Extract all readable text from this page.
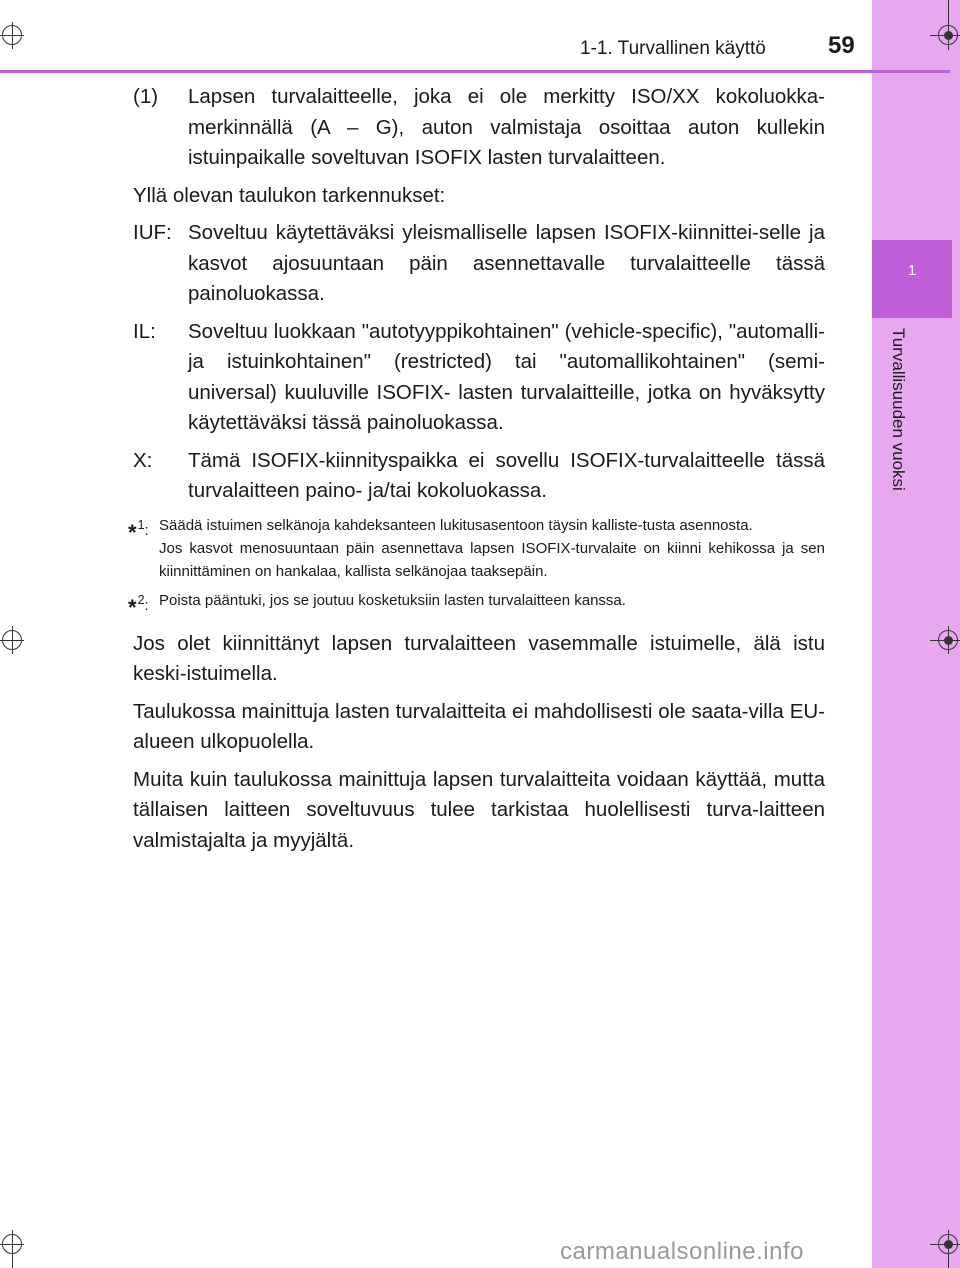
1
Turvallisuuden vuoksi
1-1. Turvallinen käyttö	59
(1)	Lapsen turvalaitteelle, joka ei ole merkitty ISO/XX kokoluokka-merkinnällä (A – G), auton valmistaja osoittaa auton kullekin istuinpaikalle soveltuvan ISOFIX lasten turvalaitteen.

Yllä olevan taulukon tarkennukset:

IUF: Soveltuu käytettäväksi yleismalliselle lapsen ISOFIX-kiinnittei-selle ja kasvot ajosuuntaan päin asennettavalle turvalaitteelle tässä painoluokassa.
IL:	Soveltuu luokkaan "autotyyppikohtainen" (vehicle-specific), "automalli- ja istuinkohtainen" (restricted) tai "automallikohtainen" (semi-universal) kuuluville ISOFIX- lasten turvalaitteille, jotka on hyväksytty käytettäväksi tässä painoluokassa.
X:	Tämä ISOFIX-kiinnityspaikka ei sovellu ISOFIX-turvalaitteelle tässä turvalaitteen paino- ja/tai kokoluokassa.
*$^1$: Säädä istuimen selkänoja kahdeksanteen lukitusasentoon täysin kalliste-tusta asennosta.

Jos kasvot menosuuntaan päin asennettava lapsen ISOFIX-turvalaite on kiinni kehikossa ja sen kiinnittäminen on hankalaa, kallista selkänojaa taaksepäin.

*$^2$: Poista pääntuki, jos se joutuu kosketuksiin lasten turvalaitteen kanssa.

Jos olet kiinnittänyt lapsen turvalaitteen vasemmalle istuimelle, älä istu keski-istuimella.

Taulukossa mainittuja lasten turvalaitteita ei mahdollisesti ole saata-villa EU-alueen ulkopuolella.

Muita kuin taulukossa mainittuja lapsen turvalaitteita voidaan käyttää, mutta tällaisen laitteen soveltuvuus tulee tarkistaa huolellisesti turva-laitteen valmistajalta ja myyjältä.

carmanualsonline.info
